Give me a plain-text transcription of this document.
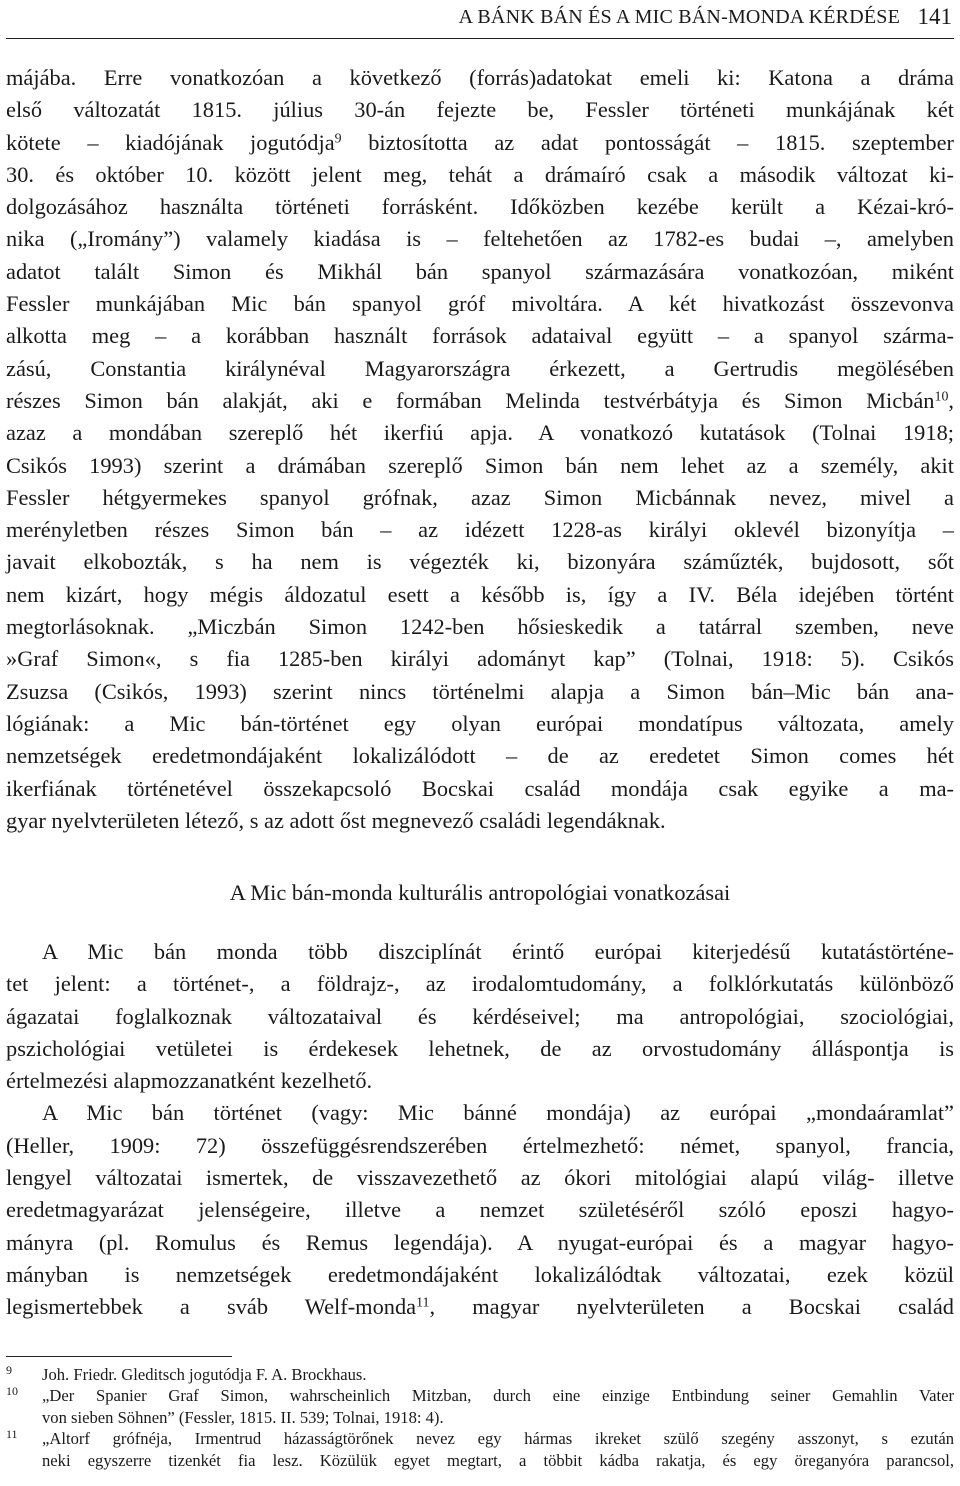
A BÁNK BÁN ÉS A MIC BÁN-MONDA KÉRDÉSE 141
májába. Erre vonatkozóan a következő (forrás)adatokat emeli ki: Katona a dráma
első változatát 1815. július 30-án fejezte be, Fessler történeti munkájának két
kötete – kiadójának jogutódja$^9$ biztosította az adat pontosságát – 1815. szeptember
30. és október 10. között jelent meg, tehát a drámaíró csak a második változat ki-
dolgozásához használta történeti forrásként. Időközben kezébe került a Kézai-kró-
nika („Iromány”) valamely kiadása is – feltehetően az 1782-es budai –, amelyben
adatot talált Simon és Mikhál bán spanyol származására vonatkozóan, miként
Fessler munkájában Mic bán spanyol gróf mivoltára. A két hivatkozást összevonva
alkotta meg – a korábban használt források adataival együtt – a spanyol szárma-
zású, Constantia királynéval Magyarországra érkezett, a Gertrudis megölésében
részes Simon bán alakját, aki e formában Melinda testvérbátyja és Simon Micbán$^{10}$,
azaz a mondában szereplő hét ikerfiú apja. A vonatkozó kutatások (Tolnai 1918;
Csikós 1993) szerint a drámában szereplő Simon bán nem lehet az a személy, akit
Fessler hétgyermekes spanyol grófnak, azaz Simon Micbánnak nevez, mivel a
merényletben részes Simon bán – az idézett 1228-as királyi oklevél bizonyítja –
javait elkobozták, s ha nem is végezték ki, bizonyára száműzték, bujdosott, sőt
nem kizárt, hogy mégis áldozatul esett a később is, így a IV. Béla idejében történt
megtorlásoknak. „Miczbán Simon 1242-ben hősieskedik a tatárral szemben, neve
»Graf Simon«, s fia 1285-ben királyi adományt kap” (Tolnai, 1918: 5). Csikós
Zsuzsa (Csikós, 1993) szerint nincs történelmi alapja a Simon bán–Mic bán ana-
lógiának: a Mic bán-történet egy olyan európai mondatípus változata, amely
nemzetségek eredetmondájaként lokalizálódott – de az eredetet Simon comes hét
ikerfiának történetével összekapcsoló Bocskai család mondája csak egyike a ma-
gyar nyelvterületen létező, s az adott őst megnevező családi legendáknak.
A Mic bán-monda kulturális antropológiai vonatkozásai
A Mic bán monda több diszciplínát érintő európai kiterjedésű kutatástörténe-
tet jelent: a történet-, a földrajz-, az irodalomtudomány, a folklórkutatás különböző
ágazatai foglalkoznak változataival és kérdéseivel; ma antropológiai, szociológiai,
pszichológiai vetületei is érdekesek lehetnek, de az orvostudomány álláspontja is
értelmezési alapmozzanatként kezelhető.
A Mic bán történet (vagy: Mic bánné mondája) az európai „mondaáramlat”
(Heller, 1909: 72) összefüggésrendszerében értelmezhető: német, spanyol, francia,
lengyel változatai ismertek, de visszavezethető az ókori mitológiai alapú világ- illetve
eredetmagyarázat jelenségeire, illetve a nemzet születéséről szóló eposzi hagyo-
mányra (pl. Romulus és Remus legendája). A nyugat-európai és a magyar hagyo-
mányban is nemzetségek eredetmondájaként lokalizálódtak változatai, ezek közül
legismertebbek a sváb Welf-monda$^{11}$, magyar nyelvterületen a Bocskai család
9 Joh. Friedr. Gleditsch jogutódja F. A. Brockhaus.
10 „Der Spanier Graf Simon, wahrscheinlich Mitzban, durch eine einzige Entbindung seiner Gemahlin Vater
von sieben Söhnen” (Fessler, 1815. II. 539; Tolnai, 1918: 4).
11 „Altorf grófnéja, Irmentrud házasságtörőnek nevez egy hármas ikreket szülő szegény asszonyt, s ezután
neki egyszerre tizenkét fia lesz. Közülük egyet megtart, a többit kádba rakatja, és egy öreganyóra parancsol,
